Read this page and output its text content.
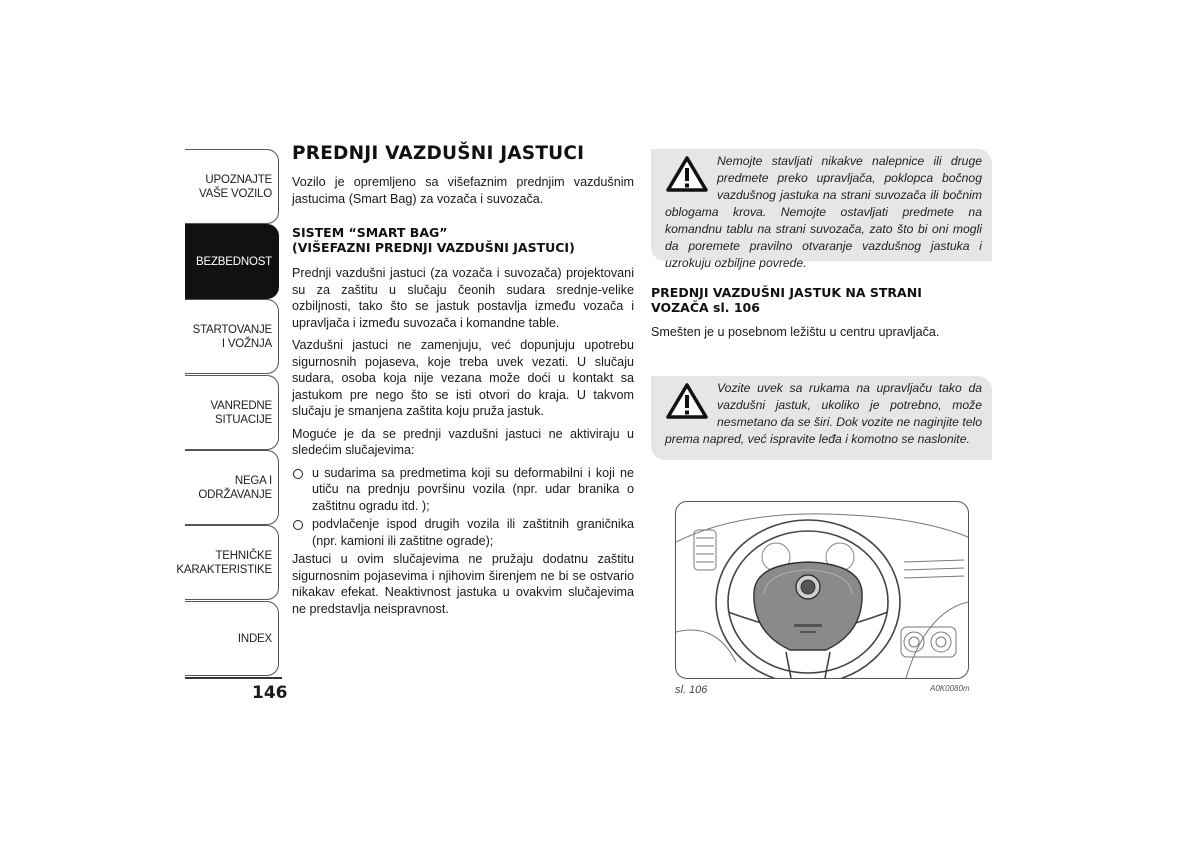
UPOZNAJTE
VAŠE VOZILO
BEZBEDNOST
STARTOVANJE
I VOŽNJA
VANREDNE
SITUACIJE
NEGA I
ODRŽAVANJE
TEHNIČKE
KARAKTERISTIKE
INDEX
146
PREDNJI VAZDUŠNI JASTUCI

Vozilo je opremljeno sa višefaznim prednjim vazdušnim jastucima (Smart Bag) za vozača i suvozača.

SISTEM “SMART BAG”
(VIŠEFAZNI PREDNJI VAZDUŠNI JASTUCI)

Prednji vazdušni jastuci (za vozača i suvozača) projektovani su za zaštitu u slučaju čeonih sudara srednje-velike ozbiljnosti, tako što se jastuk postavlja između vozača i upravljača i između suvozača i komandne table.

Vazdušni jastuci ne zamenjuju, već dopunjuju upotrebu sigurnosnih pojaseva, koje treba uvek vezati. U slučaju sudara, osoba koja nije vezana može doći u kontakt sa jastukom pre nego što se isti otvori do kraja. U takvom slučaju je smanjena zaštita koju pruža jastuk.

Moguće je da se prednji vazdušni jastuci ne aktiviraju u sledećim slučajevima:

u sudarima sa predmetima koji su deformabilni i koji ne utiču na prednju površinu vozila (npr. udar branika o zaštitnu ogradu itd. );
podvlačenje ispod drugih vozila ili zaštitnih graničnika (npr. kamioni ili zaštitne ograde);

Jastuci u ovim slučajevima ne pružaju dodatnu zaštitu sigurnosnim pojasevima i njihovim širenjem ne bi se ostvario nikakav efekat. Neaktivnost jastuka u ovakvim slučajevima ne predstavlja neispravnost.

Nemojte stavljati nikakve nalepnice ili druge predmete preko upravljača, poklopca bočnog vazdušnog jastuka na strani suvozača ili bočnim oblogama krova. Nemojte ostavljati predmete na komandnu tablu na strani suvozača, zato što bi oni mogli da poremete pravilno otvaranje vazdušnog jastuka i uzrokuju ozbiljne povrede.
PREDNJI VAZDUŠNI JASTUK NA STRANI
VOZAČA sl. 106

Smešten je u posebnom ležištu u centru upravljača.

Vozite uvek sa rukama na upravljaču tako da vazdušni jastuk, ukoliko je potrebno, može nesmetano da se širi. Dok vozite ne naginjite telo prema napred, već ispravite leđa i komotno se naslonite.
sl. 106	A0K0080m
